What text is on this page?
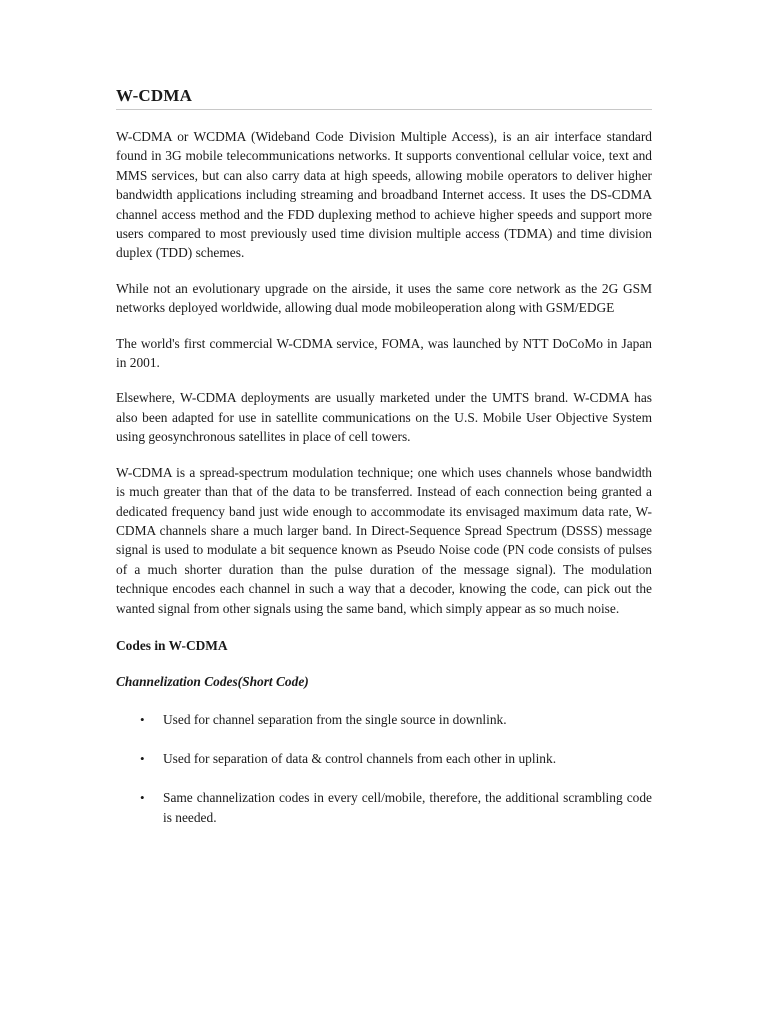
W-CDMA

W-CDMA or WCDMA (Wideband Code Division Multiple Access), is an air interface standard found in 3G mobile telecommunications networks. It supports conventional cellular voice, text and MMS services, but can also carry data at high speeds, allowing mobile operators to deliver higher bandwidth applications including streaming and broadband Internet access. It uses the DS-CDMA channel access method and the FDD duplexing method to achieve higher speeds and support more users compared to most previously used time division multiple access (TDMA) and time division duplex (TDD) schemes.

While not an evolutionary upgrade on the airside, it uses the same core network as the 2G GSM networks deployed worldwide, allowing dual mode mobileoperation along with GSM/EDGE

The world's first commercial W-CDMA service, FOMA, was launched by NTT DoCoMo in Japan in 2001.

Elsewhere, W-CDMA deployments are usually marketed under the UMTS brand. W-CDMA has also been adapted for use in satellite communications on the U.S. Mobile User Objective System using geosynchronous satellites in place of cell towers.

W-CDMA is a spread-spectrum modulation technique; one which uses channels whose bandwidth is much greater than that of the data to be transferred. Instead of each connection being granted a dedicated frequency band just wide enough to accommodate its envisaged maximum data rate, W-CDMA channels share a much larger band. In Direct-Sequence Spread Spectrum (DSSS) message signal is used to modulate a bit sequence known as Pseudo Noise code (PN code consists of pulses of a much shorter duration than the pulse duration of the message signal). The modulation technique encodes each channel in such a way that a decoder, knowing the code, can pick out the wanted signal from other signals using the same band, which simply appear as so much noise.

Codes in W-CDMA
Channelization Codes(Short Code)
• Used for channel separation from the single source in downlink.
• Used for separation of data & control channels from each other in uplink.
• Same channelization codes in every cell/mobile, therefore, the additional scrambling code is needed.
